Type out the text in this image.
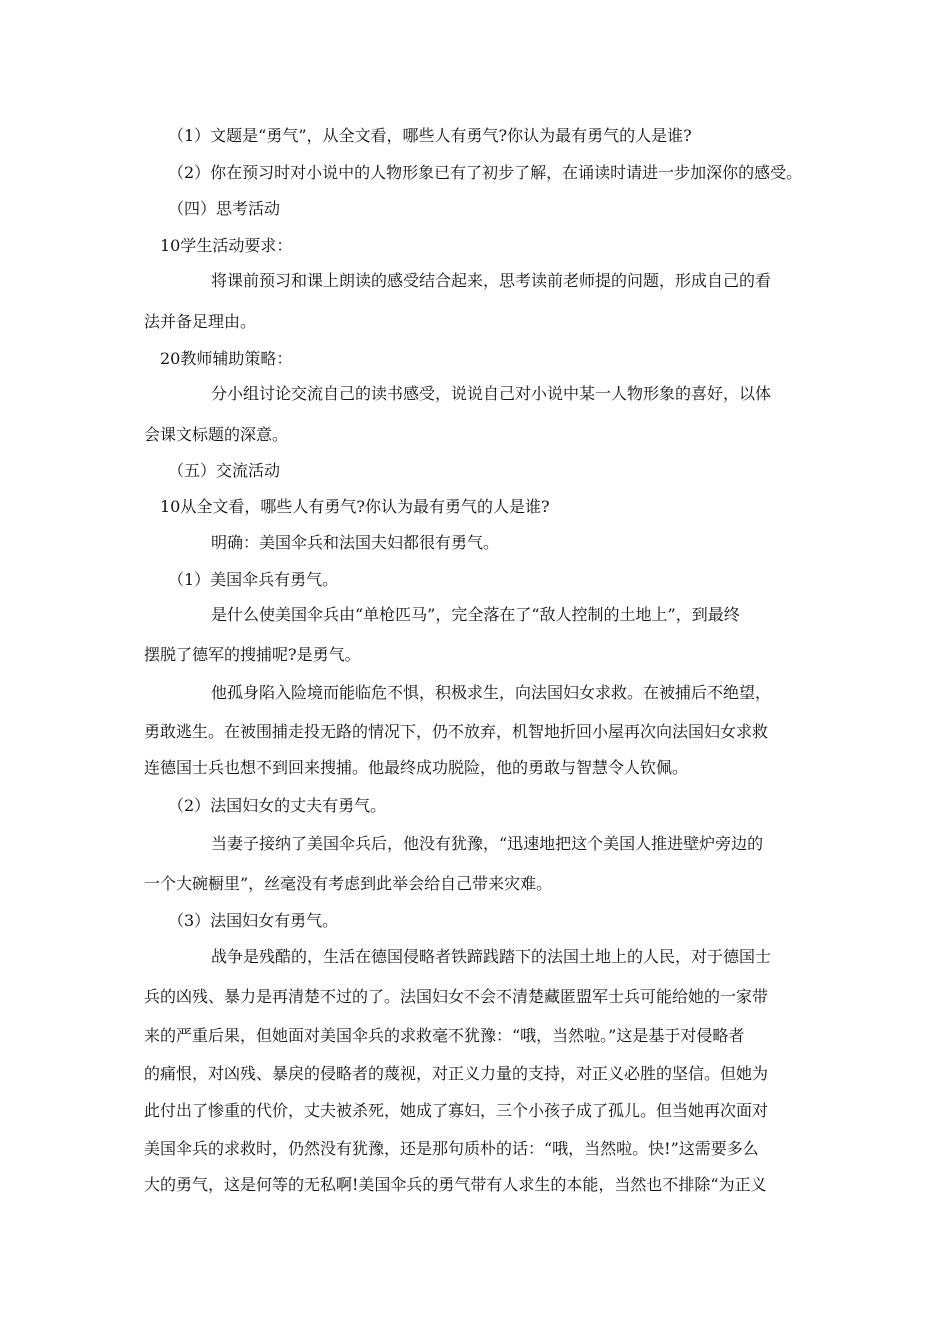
（1）文题是“勇气”，从全文看，哪些人有勇气?你认为最有勇气的人是谁?
（2）你在预习时对小说中的人物形象已有了初步了解，在诵读时请进一步加深你的感受。
（四）思考活动
10学生活动要求：
将课前预习和课上朗读的感受结合起来，思考读前老师提的问题，形成自己的看
法并备足理由。
20教师辅助策略：
分小组讨论交流自己的读书感受，说说自己对小说中某一人物形象的喜好，以体
会课文标题的深意。
（五）交流活动
10从全文看，哪些人有勇气?你认为最有勇气的人是谁?
明确：美国伞兵和法国夫妇都很有勇气。
（1）美国伞兵有勇气。
是什么使美国伞兵由“单枪匹马”，完全落在了“敌人控制的土地上”，到最终
摆脱了德军的搜捕呢?是勇气。
他孤身陷入险境而能临危不惧，积极求生，向法国妇女求救。在被捕后不绝望，
勇敢逃生。在被围捕走投无路的情况下，仍不放弃，机智地折回小屋再次向法国妇女求救
连德国士兵也想不到回来搜捕。他最终成功脱险，他的勇敢与智慧令人钦佩。
（2）法国妇女的丈夫有勇气。
当妻子接纳了美国伞兵后，他没有犹豫，“迅速地把这个美国人推进壁炉旁边的
一个大碗橱里”，丝毫没有考虑到此举会给自己带来灾难。
（3）法国妇女有勇气。
战争是残酷的，生活在德国侵略者铁蹄践踏下的法国土地上的人民，对于德国士
兵的凶残、暴力是再清楚不过的了。法国妇女不会不清楚藏匿盟军士兵可能给她的一家带
来的严重后果，但她面对美国伞兵的求救毫不犹豫：“哦，当然啦。”这是基于对侵略者
的痛恨，对凶残、暴戾的侵略者的蔑视，对正义力量的支持，对正义必胜的坚信。但她为
此付出了惨重的代价，丈夫被杀死，她成了寡妇，三个小孩子成了孤儿。但当她再次面对
美国伞兵的求救时，仍然没有犹豫，还是那句质朴的话：“哦，当然啦。快!”这需要多么
大的勇气，这是何等的无私啊!美国伞兵的勇气带有人求生的本能，当然也不排除“为正义
